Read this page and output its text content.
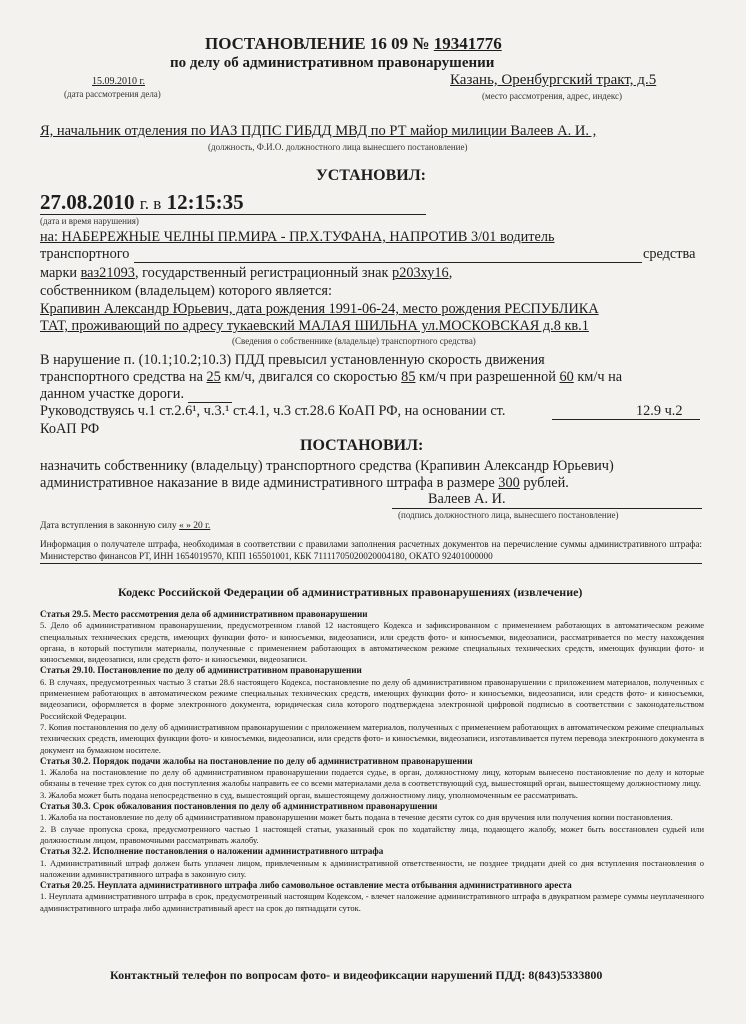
ПОСТАНОВЛЕНИЕ 16 09 № 19341776
по делу об административном правонарушении
15.09.2010 г.
(дата рассмотрения дела)
Казань, Оренбургский тракт, д.5
(место рассмотрения, адрес, индекс)
Я, начальник отделения по ИАЗ ПДПС ГИБДД МВД по РТ майор милиции Валеев А. И. ,
(должность, Ф.И.О. должностного лица вынесшего постановление)
УСТАНОВИЛ:
27.08.2010 г. в 12:15:35
(дата и время нарушения)
на: НАБЕРЕЖНЫЕ ЧЕЛНЫ ПР.МИРА - ПР.Х.ТУФАНА, НАПРОТИВ 3/01 водитель
транспортного	средства
марки ваз21093, государственный регистрационный знак р203ху16,
собственником (владельцем) которого является:
Крапивин Александр Юрьевич, дата рождения 1991-06-24, место рождения РЕСПУБЛИКА
ТАТ, проживающий по адресу тукаевский МАЛАЯ ШИЛЬНА ул.МОСКОВСКАЯ д.8 кв.1
(Сведения о собственнике (владельце) транспортного средства)
В нарушение п. (10.1;10.2;10.3) ПДД превысил установленную скорость движения
транспортного средства на 25 км/ч, двигался со скоростью 85 км/ч при разрешенной 60 км/ч на
данном участке дороги.
Руководствуясь ч.1 ст.2.6¹, ч.3.¹ ст.4.1, ч.3 ст.28.6 КоАП РФ, на основании ст.	12.9 ч.2
КоАП РФ
ПОСТАНОВИЛ:
назначить собственнику (владельцу) транспортного средства (Крапивин Александр Юрьевич)
административное наказание в виде административного штрафа в размере 300 рублей.
Валеев А. И.
(подпись должностного лица, вынесшего постановление)
Дата вступления в законную силу « » 20 г.
Информация о получателе штрафа, необходимая в соответствии с правилами заполнения расчетных документов на перечисление суммы административного штрафа: Министерство финансов РТ, ИНН 1654019570, КПП 165501001, КБК 71111705020020004180, ОКАТО 92401000000
Кодекс Российской Федерации об административных правонарушениях (извлечение)

Статья 29.5. Место рассмотрения дела об административном правонарушении

5. Дело об административном правонарушении, предусмотренном главой 12 настоящего Кодекса и зафиксированном с применением работающих в автоматическом режиме специальных технических средств, имеющих функции фото- и киносъемки, видеозаписи, или средств фото- и киносъемки, видеозаписи, рассматривается по месту нахождения органа, в который поступили материалы, полученные с применением работающих в автоматическом режиме специальных технических средств, имеющих функции фото- и киносъемки, видеозаписи, или средств фото- и киносъемки, видеозаписи.

Статья 29.10. Постановление по делу об административном правонарушении

6. В случаях, предусмотренных частью 3 статьи 28.6 настоящего Кодекса, постановление по делу об административном правонарушении с приложением материалов, полученных с применением работающих в автоматическом режиме специальных технических средств, имеющих функции фото- и киносъемки, видеозаписи, или средств фото- и киносъемки, видеозаписи, оформляется в форме электронного документа, юридическая сила которого подтверждена электронной цифровой подписью в соответствии с законодательством Российской Федерации.

7. Копия постановления по делу об административном правонарушении с приложением материалов, полученных с применением работающих в автоматическом режиме специальных технических средств, имеющих функции фото- и киносъемки, видеозаписи, или средств фото- и киносъемки, видеозаписи, изготавливается путем перевода электронного документа в документ на бумажном носителе.

Статья 30.2. Порядок подачи жалобы на постановление по делу об административном правонарушении

1. Жалоба на постановление по делу об административном правонарушении подается судье, в орган, должностному лицу, которым вынесено постановление по делу и которые обязаны в течение трех суток со дня поступления жалобы направить ее со всеми материалами дела в соответствующий суд, вышестоящий орган, вышестоящему должностному лицу.

3. Жалоба может быть подана непосредственно в суд, вышестоящий орган, вышестоящему должностному лицу, уполномоченным ее рассматривать.

Статья 30.3. Срок обжалования постановления по делу об административном правонарушении

1. Жалоба на постановление по делу об административном правонарушении может быть подана в течение десяти суток со дня вручения или получения копии постановления.

2. В случае пропуска срока, предусмотренного частью 1 настоящей статьи, указанный срок по ходатайству лица, подающего жалобу, может быть восстановлен судьей или должностным лицом, правомочными рассматривать жалобу.

Статья 32.2. Исполнение постановления о наложении административного штрафа

1. Административный штраф должен быть уплачен лицом, привлеченным к административной ответственности, не позднее тридцати дней со дня вступления постановления о наложении административного штрафа в законную силу.

Статья 20.25. Неуплата административного штрафа либо самовольное оставление места отбывания административного ареста

1. Неуплата административного штрафа в срок, предусмотренный настоящим Кодексом, - влечет наложение административного штрафа в двукратном размере суммы неуплаченного административного штрафа либо административный арест на срок до пятнадцати суток.

Контактный телефон по вопросам фото- и видеофиксации нарушений ПДД: 8(843)5333800
